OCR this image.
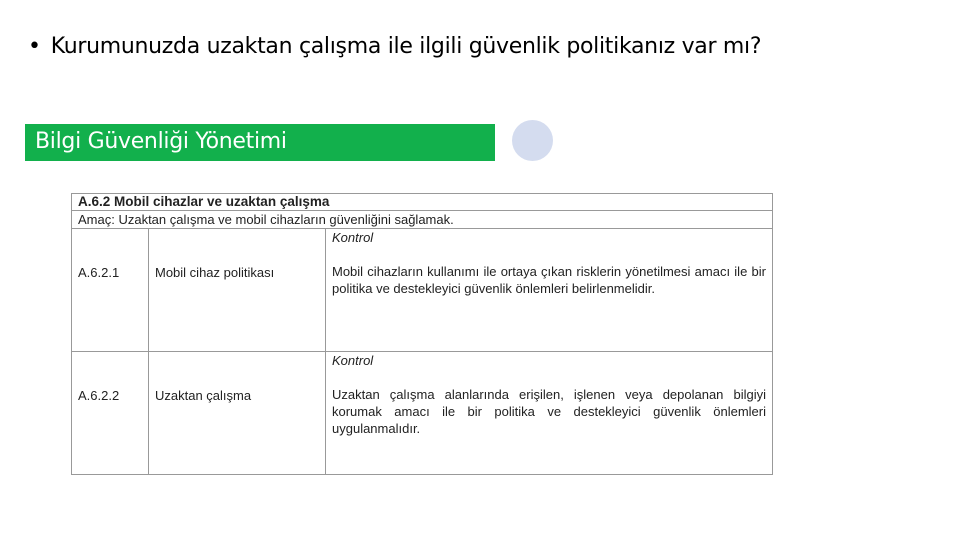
• Kurumunuzda uzaktan çalışma ile ilgili güvenlik politikanız var mı?
Bilgi Güvenliği Yönetimi
A.6.2 Mobil cihazlar ve uzaktan çalışma		
Amaç: Uzaktan çalışma ve mobil cihazların güvenliğini sağlamak.		
A.6.2.1	Mobil cihaz politikası	Kontrol
Mobil cihazların kullanımı ile ortaya çıkan risklerin yönetilmesi amacı ile bir politika ve destekleyici güvenlik önlemleri belirlenmelidir.

A.6.2.2	Uzaktan çalışma	Kontrol
Uzaktan çalışma alanlarında erişilen, işlenen veya depolanan bilgiyi korumak amacı ile bir politika ve destekleyici güvenlik önlemleri uygulanmalıdır.
